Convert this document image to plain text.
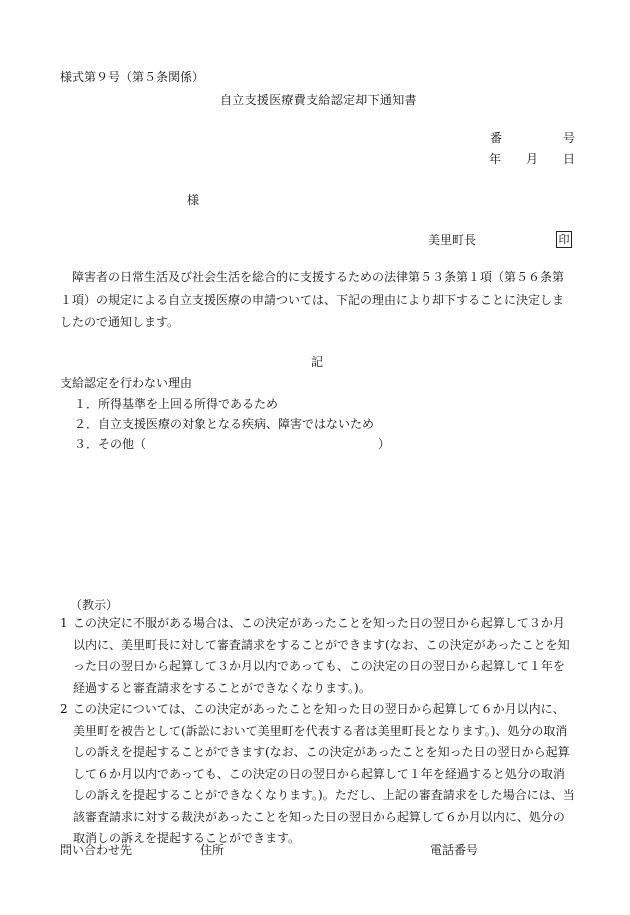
様式第９号（第５条関係）
自立支援医療費支給認定却下通知書
番	号
年 月 日
様
美里町長	印

障害者の日常生活及び社会生活を総合的に支援するための法律第５３条第１項（第５６条第１項）の規定による自立支援医療の申請ついては、下記の理由により却下することに決定しましたので通知します。

記
支給認定を行わない理由
１．所得基準を上回る所得であるため
２．自立支援医療の対象となる疾病、障害ではないため
３．その他（	）
（教示）
1 この決定に不服がある場合は、この決定があったことを知った日の翌日から起算して３か月以内に、美里町長に対して審査請求をすることができます(なお、この決定があったことを知った日の翌日から起算して３か月以内であっても、この決定の日の翌日から起算して１年を経過すると審査請求をすることができなくなります。)。
2 この決定については、この決定があったことを知った日の翌日から起算して６か月以内に、美里町を被告として(訴訟において美里町を代表する者は美里町長となります。)、処分の取消しの訴えを提起することができます(なお、この決定があったことを知った日の翌日から起算して６か月以内であっても、この決定の日の翌日から起算して１年を経過すると処分の取消しの訴えを提起することができなくなります。)。ただし、上記の審査請求をした場合には、当該審査請求に対する裁決があったことを知った日の翌日から起算して６か月以内に、処分の取消しの訴えを提起することができます。
問い合わせ先	住所	電話番号
